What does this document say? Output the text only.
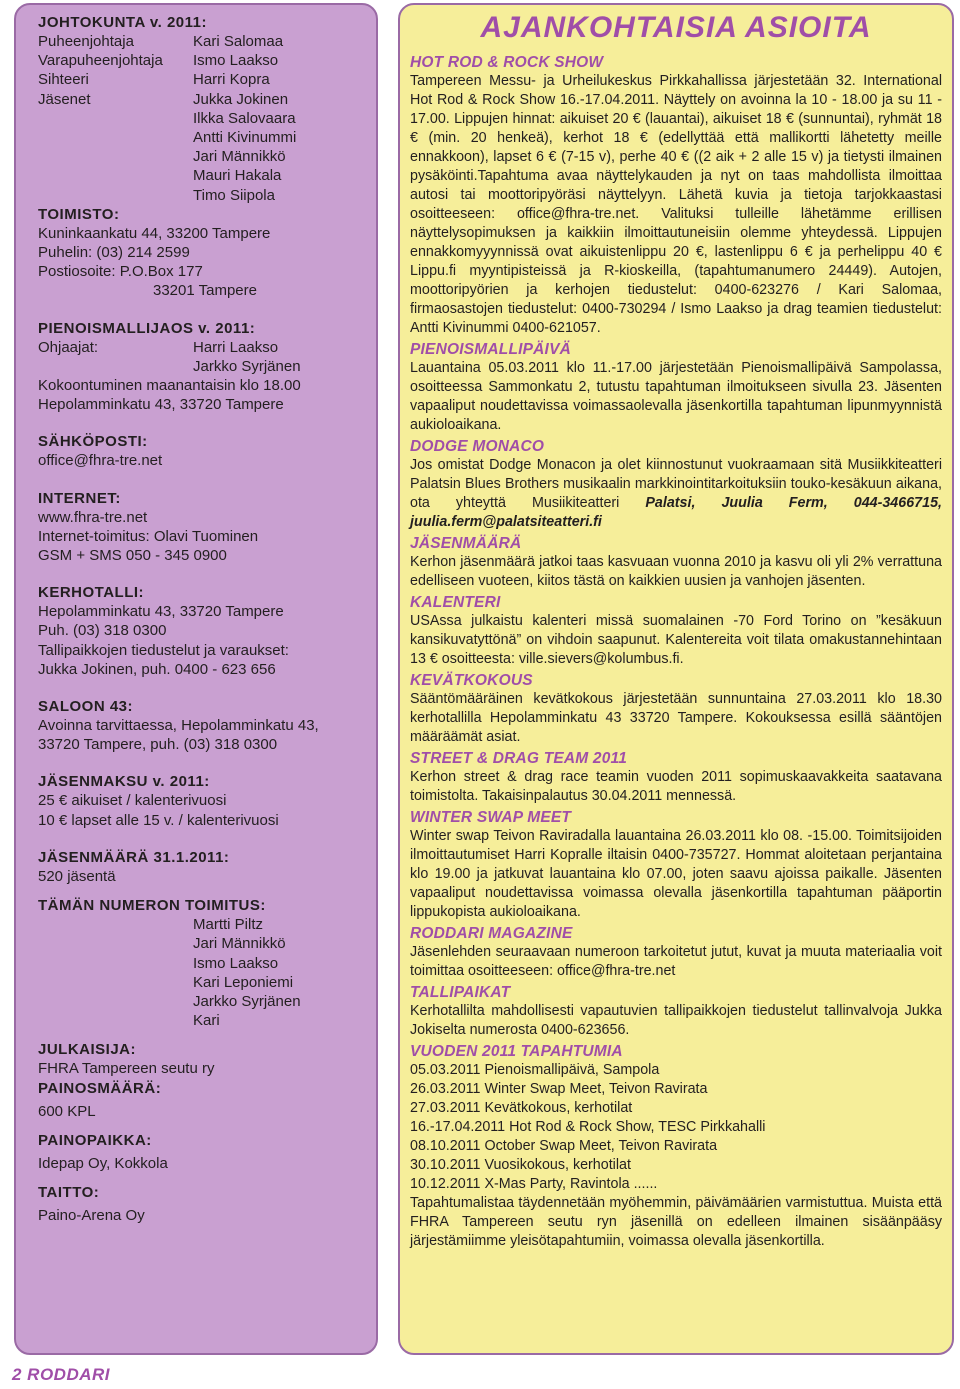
JOHTOKUNTA v. 2011:
Puheenjohtaja	Kari Salomaa
Varapuheenjohtaja	Ismo Laakso
Sihteeri	Harri Kopra
Jäsenet	Jukka Jokinen
Ilkka Salovaara
Antti Kivinummi
Jari Männikkö
Mauri Hakala
Timo Siipola
TOIMISTO:
Kuninkaankatu 44, 33200 Tampere
Puhelin: (03) 214 2599
Postiosoite: P.O.Box 177
33201 Tampere
PIENOISMALLIJAOS v. 2011:
Ohjaajat:	Harri Laakso
Jarkko Syrjänen
Kokoontuminen maanantaisin klo 18.00
Hepolamminkatu 43, 33720 Tampere
SÄHKÖPOSTI:
office@fhra-tre.net
INTERNET:
www.fhra-tre.net
Internet-toimitus: Olavi Tuominen
GSM + SMS 050 - 345 0900
KERHOTALLI:
Hepolamminkatu 43, 33720 Tampere
Puh. (03) 318 0300
Tallipaikkojen tiedustelut ja varaukset:
Jukka Jokinen, puh. 0400 - 623 656
SALOON 43:
Avoinna tarvittaessa, Hepolamminkatu 43,
33720 Tampere, puh. (03) 318 0300
JÄSENMAKSU v. 2011:
25 € aikuiset / kalenterivuosi
10 € lapset alle 15 v. / kalenterivuosi
JÄSENMÄÄRÄ 31.1.2011:
520 jäsentä
TÄMÄN NUMERON TOIMITUS:
Martti Piltz
Jari Männikkö
Ismo Laakso
Kari Leponiemi
Jarkko Syrjänen
Kari
JULKAISIJA:
FHRA Tampereen seutu ry
PAINOSMÄÄRÄ:
600 KPL
PAINOPAIKKA:
Idepap Oy, Kokkola
TAITTO:
Paino-Arena Oy
AJANKOHTAISIA ASIOITA
HOT ROD & ROCK SHOW
Tampereen Messu- ja Urheilukeskus Pirkkahallissa järjestetään 32. International Hot Rod & Rock Show 16.-17.04.2011. Näyttely on avoinna la 10 - 18.00 ja su 11 - 17.00. Lippujen hinnat: aikuiset 20 € (lauantai), aikuiset 18 € (sunnuntai), ryhmät 18 € (min. 20 henkeä), kerhot 18 € (edellyttää että mallikortti lähetetty meille ennakkoon), lapset 6 € (7-15 v), perhe 40 € ((2 aik + 2 alle 15 v) ja tietysti ilmainen pysäköinti.Tapahtuma avaa näyttelykauden ja nyt on taas mahdollista ilmoittaa autosi tai moottoripyöräsi näyttelyyn. Lähetä kuvia ja tietoja tarjokkaastasi osoitteeseen: office@fhra-tre.net. Valituksi tulleille lähetämme erillisen näyttelysopimuksen ja kaikkiin ilmoittautuneisiin olemme yhteydessä. Lippujen ennakkomyyynnissä ovat aikuistenlippu 20 €, lastenlippu 6 € ja perhelippu 40 € Lippu.fi myyntipisteissä ja R-kioskeilla, (tapahtumanumero 24449). Autojen, moottoripyörien ja kerhojen tiedustelut: 0400-623276 / Kari Salomaa, firmaosastojen tiedustelut: 0400-730294 / Ismo Laakso ja drag teamien tiedustelut: Antti Kivinummi 0400-621057.
PIENOISMALLIPÄIVÄ
Lauantaina 05.03.2011 klo 11.-17.00 järjestetään Pienoismallipäivä Sampolassa, osoitteessa Sammonkatu 2, tutustu tapahtuman ilmoitukseen sivulla 23. Jäsenten vapaaliput noudettavissa voimassaolevalla jäsenkortilla tapahtuman lipunmyynnistä aukioloaikana.
DODGE MONACO
Jos omistat Dodge Monacon ja olet kiinnostunut vuokraamaan sitä Musiikkiteatteri Palatsin Blues Brothers musikaalin markkinointitarkoituksiin touko-kesäkuun aikana, ota yhteyttä Musiikiteatteri Palatsi, Juulia Ferm, 044-3466715, juulia.ferm@palatsiteatteri.fi
JÄSENMÄÄRÄ
Kerhon jäsenmäärä jatkoi taas kasvuaan vuonna 2010 ja kasvu oli yli 2% verrattuna edelliseen vuoteen, kiitos tästä on kaikkien uusien ja vanhojen jäsenten.
KALENTERI
USAssa julkaistu kalenteri missä suomalainen -70 Ford Torino on ”kesäkuun kansikuvatyttönä” on vihdoin saapunut. Kalentereita voit tilata omakustannehintaan 13 € osoitteesta: ville.sievers@kolumbus.fi.
KEVÄTKOKOUS
Sääntömääräinen kevätkokous järjestetään sunnuntaina 27.03.2011 klo 18.30 kerhotallilla Hepolamminkatu 43 33720 Tampere. Kokouksessa esillä sääntöjen määräämät asiat.
STREET & DRAG TEAM 2011
Kerhon street & drag race teamin vuoden 2011 sopimuskaavakkeita saatavana toimistolta. Takaisinpalautus 30.04.2011 mennessä.
WINTER SWAP MEET
Winter swap Teivon Raviradalla lauantaina 26.03.2011 klo 08. -15.00. Toimitsijoiden ilmoittautumiset Harri Kopralle iltaisin 0400-735727. Hommat aloitetaan perjantaina klo 19.00 ja jatkuvat lauantaina klo 07.00, joten saavu ajoissa paikalle. Jäsenten vapaaliput noudettavissa voimassa olevalla jäsenkortilla tapahtuman pääportin lippukopista aukioloaikana.
RODDARI MAGAZINE
Jäsenlehden seuraavaan numeroon tarkoitetut jutut, kuvat ja muuta materiaalia voit toimittaa osoitteeseen: office@fhra-tre.net
TALLIPAIKAT
Kerhotallilta mahdollisesti vapautuvien tallipaikkojen tiedustelut tallinvalvoja Jukka Jokiselta numerosta 0400-623656.
VUODEN 2011 TAPAHTUMIA
05.03.2011 Pienoismallipäivä, Sampola
26.03.2011 Winter Swap Meet, Teivon Ravirata
27.03.2011 Kevätkokous, kerhotilat
16.-17.04.2011 Hot Rod & Rock Show, TESC Pirkkahalli
08.10.2011 October Swap Meet, Teivon Ravirata
30.10.2011 Vuosikokous, kerhotilat
10.12.2011 X-Mas Party, Ravintola ......
Tapahtumalistaa täydennetään myöhemmin, päivämäärien varmistuttua. Muista että FHRA Tampereen seutu ryn jäsenillä on edelleen ilmainen sisäänpääsy järjestämiimme yleisötapahtumiin, voimassa olevalla jäsenkortilla.
2 RODDARI
